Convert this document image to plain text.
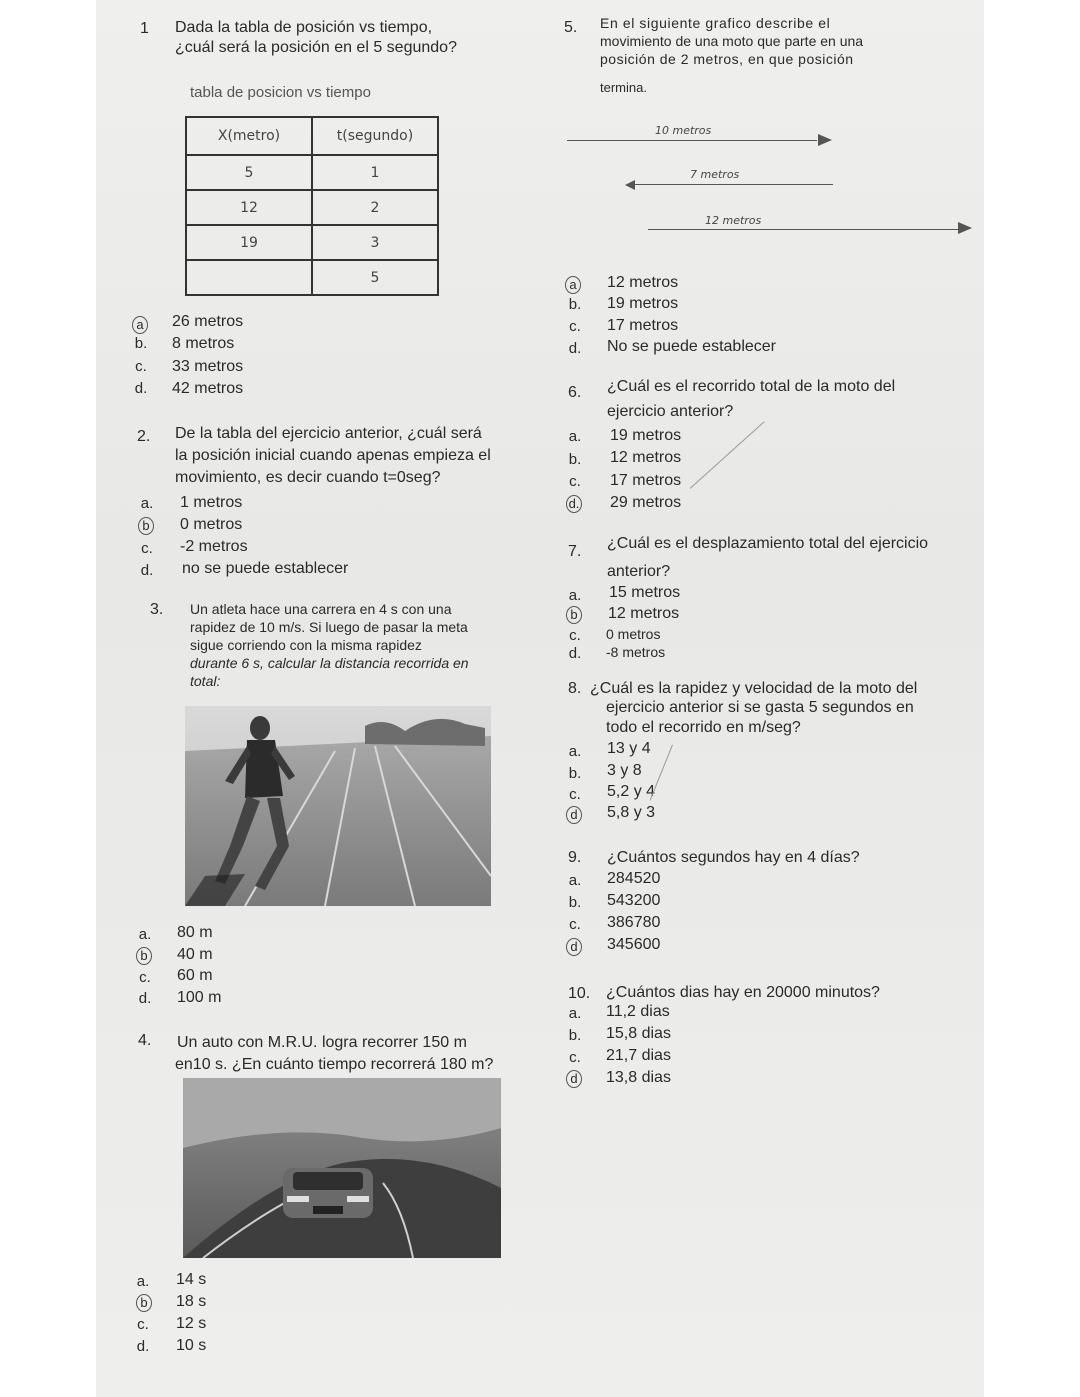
1 Dada la tabla de posición vs tiempo,
¿cuál será la posición en el 5 segundo?
tabla de posicion vs tiempo
X(metro)	t(segundo)
5	1
12	2
19	3
	5
a 26 metros
b. 8 metros
c. 33 metros
d. 42 metros
2. De la tabla del ejercicio anterior, ¿cuál será
la posición inicial cuando apenas empieza el
movimiento, es decir cuando t=0seg?
a. 1 metros
b 0 metros
c. -2 metros
d. no se puede establecer
3. Un atleta hace una carrera en 4 s con una
rapidez de 10 m/s. Si luego de pasar la meta
sigue corriendo con la misma rapidez
durante 6 s, calcular la distancia recorrida en
total:
a. 80 m
b 40 m
c. 60 m
d. 100 m
4. Un auto con M.R.U. logra recorrer 150 m
en10 s. ¿En cuánto tiempo recorrerá 180 m?
a. 14 s
b 18 s
c. 12 s
d. 10 s
5. En el siguiente grafico describe el
movimiento de una moto que parte en una
posición de 2 metros, en que posición
termina.
10 metros
7 metros
12 metros
a 12 metros
b. 19 metros
c. 17 metros
d. No se puede establecer
6. ¿Cuál es el recorrido total de la moto del
ejercicio anterior?
a. 19 metros
b. 12 metros
c. 17 metros
d. 29 metros
7. ¿Cuál es el desplazamiento total del ejercicio
anterior?
a. 15 metros
b 12 metros
c. 0 metros
d. -8 metros
8. ¿Cuál es la rapidez y velocidad de la moto del
ejercicio anterior si se gasta 5 segundos en
todo el recorrido en m/seg?
a. 13 y 4
b. 3 y 8
c. 5,2 y 4
d 5,8 y 3
9. ¿Cuántos segundos hay en 4 días?
a. 284520
b. 543200
c. 386780
d 345600
10. ¿Cuántos dias hay en 20000 minutos?
a. 11,2 dias
b. 15,8 dias
c. 21,7 dias
d 13,8 dias
